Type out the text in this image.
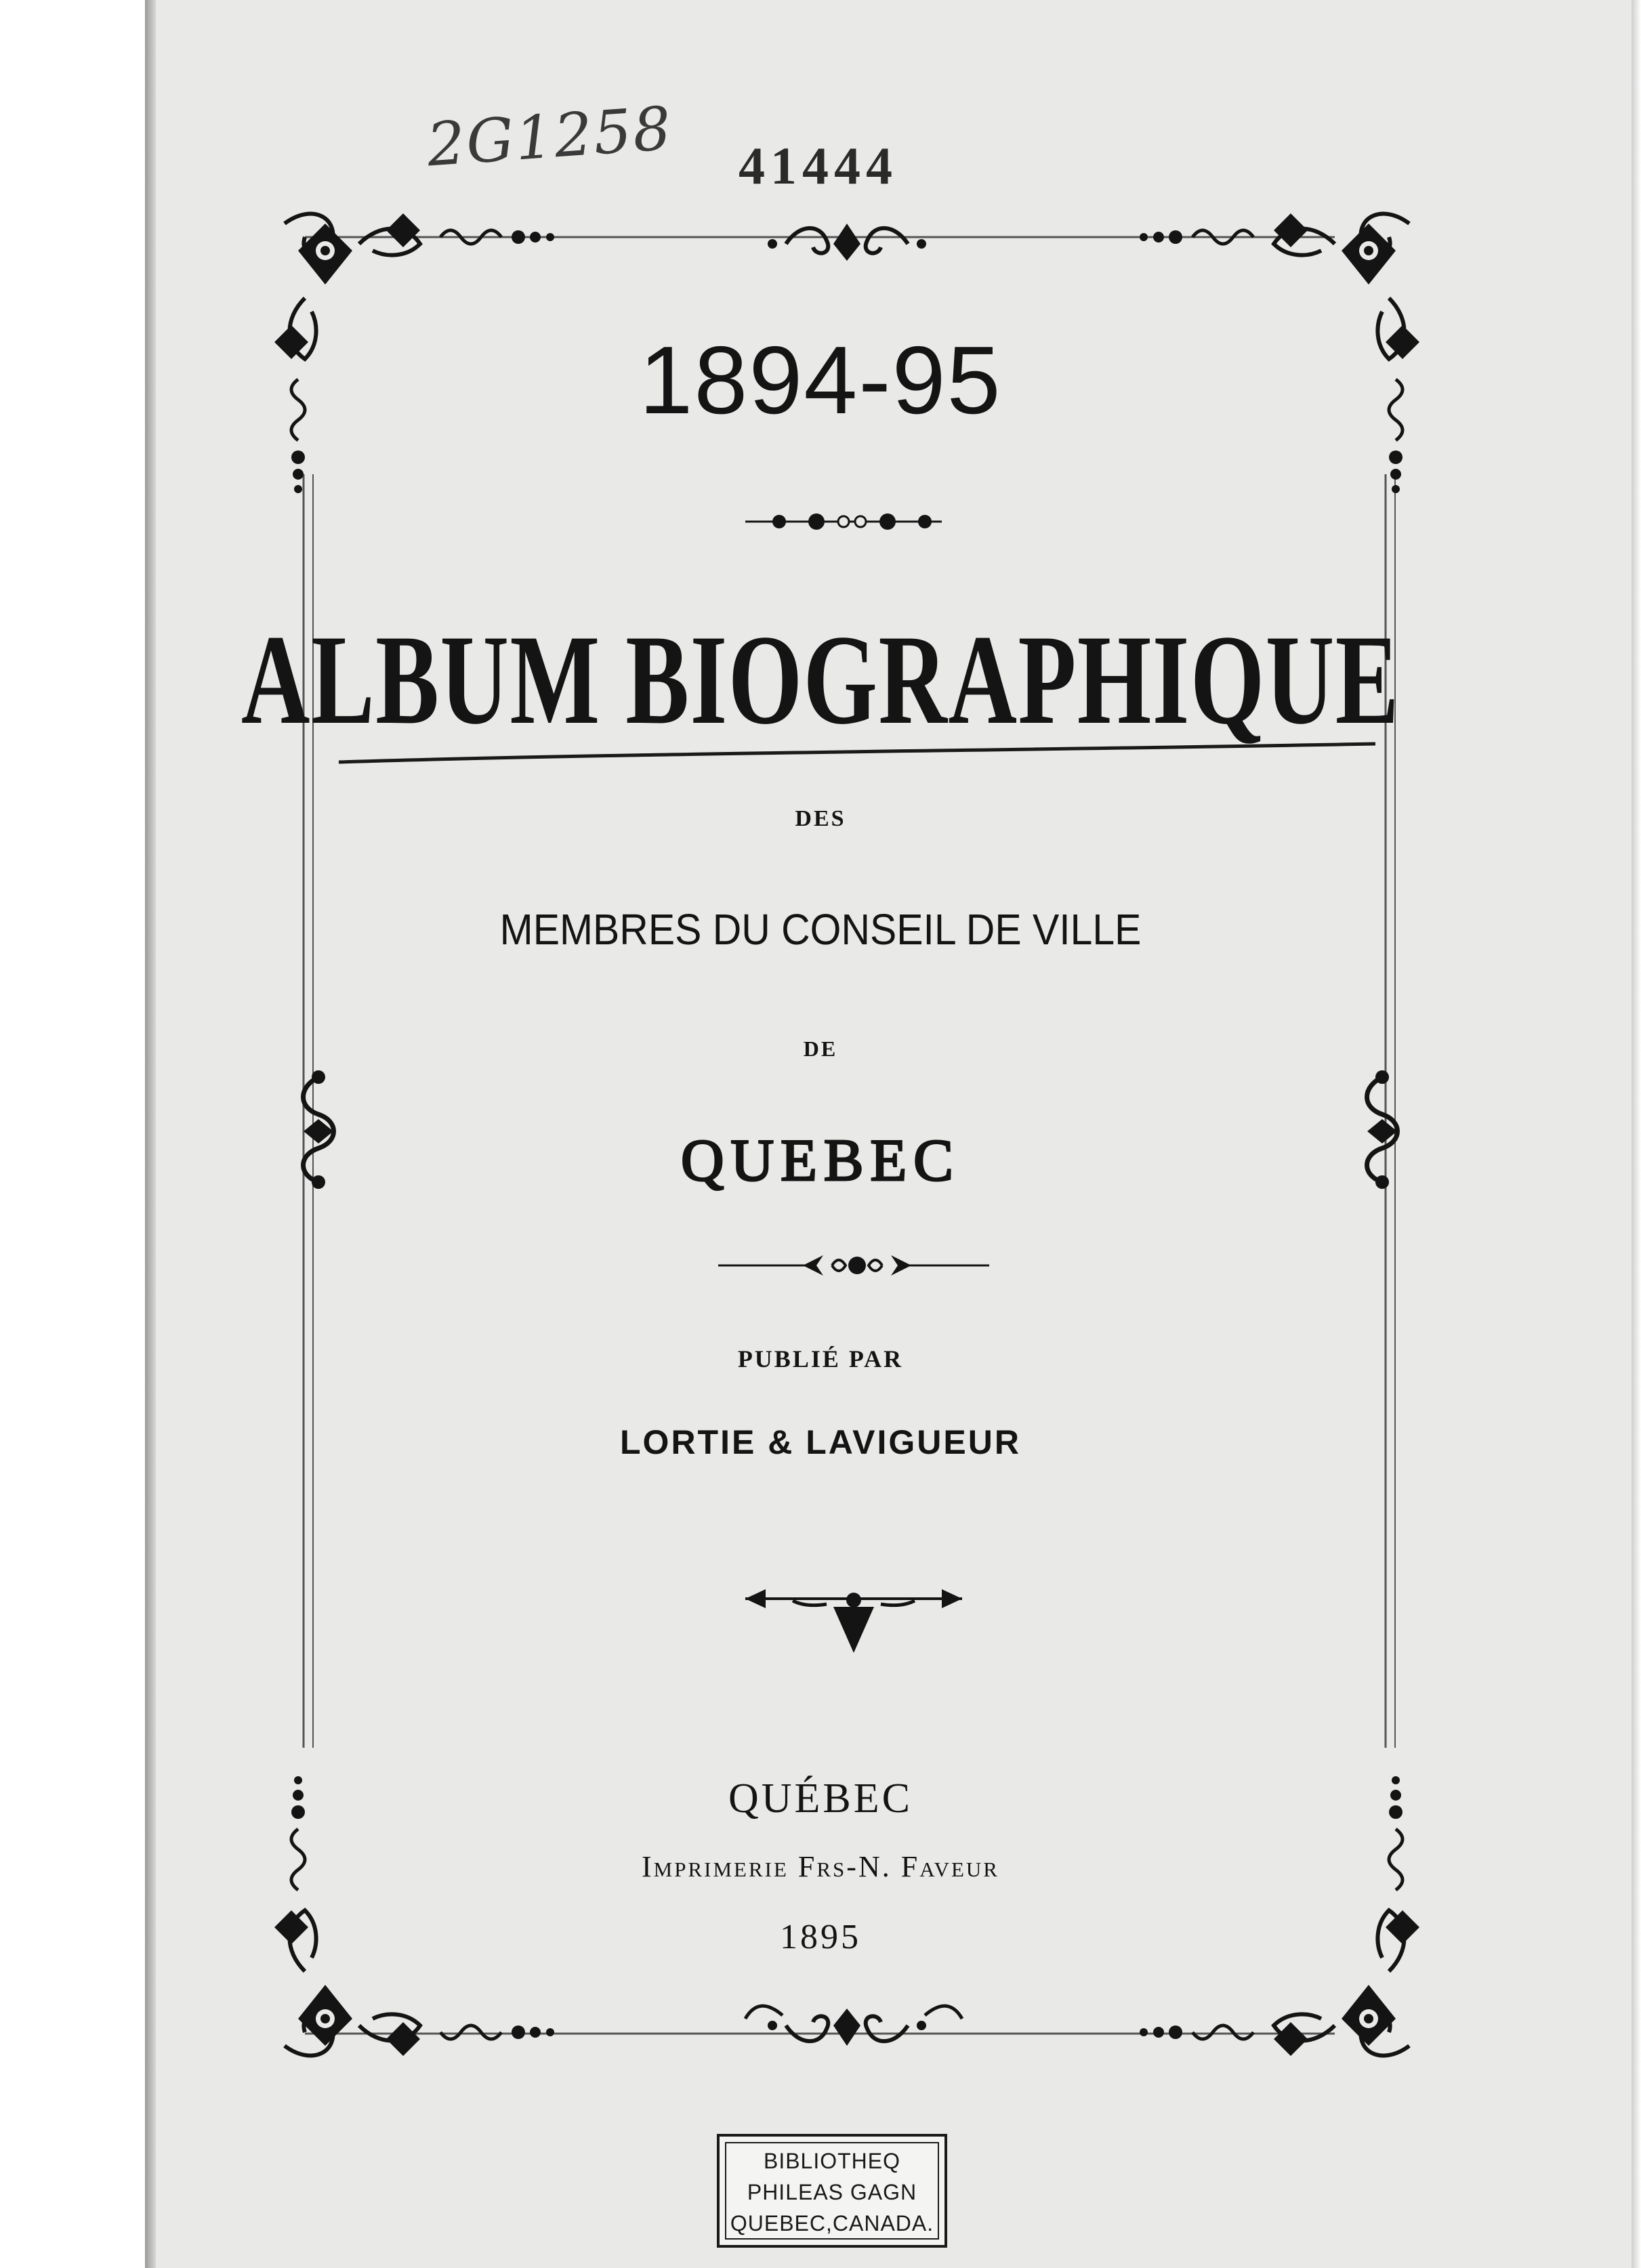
2G1258 41444
1894-95
ALBUM BIOGRAPHIQUE
DES
MEMBRES DU CONSEIL DE VILLE
DE
QUEBEC
PUBLIÉ PAR
LORTIE & LAVIGUEUR
QUÉBEC
Imprimerie Frs-N. Faveur
1895
BIBLIOTHEQ
PHILEAS GAGN
QUEBEC,CANADA.
